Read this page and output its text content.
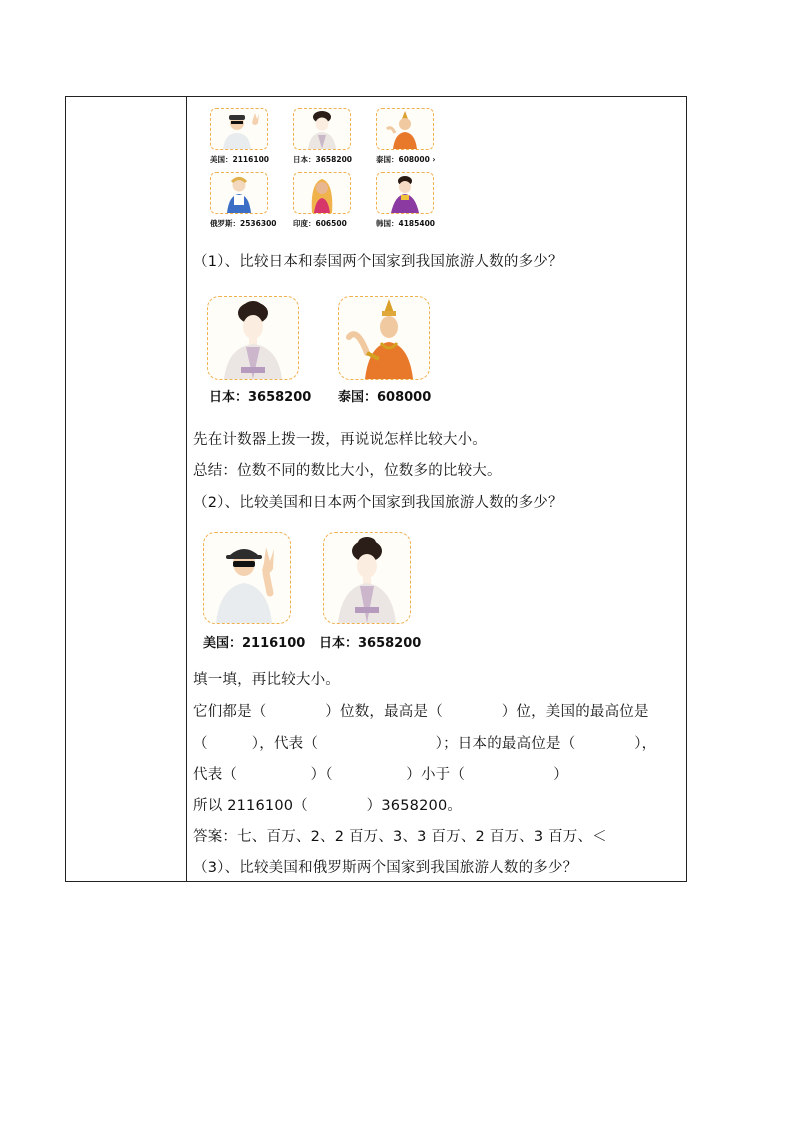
美国：2116100	日本：3658200	泰国：608000 ›
俄罗斯：2536300 印度：606500	韩国：4185400
（1）、比较日本和泰国两个国家到我国旅游人数的多少？
日本：3658200 泰国：608000
先在计数器上拨一拨，再说说怎样比较大小。
总结：位数不同的数比大小，位数多的比较大。
（2）、比较美国和日本两个国家到我国旅游人数的多少？
美国：2116100 日本：3658200
填一填，再比较大小。
它们都是（　　　　）位数，最高是（　　　　）位，美国的最高位是
（　　　），代表（　　　　　　　　）；日本的最高位是（　　　　），
代表（　　　　　）（　　　　　）小于（　　　　　　）
所以 2116100（　　　　）3658200。
答案：七、百万、2、2 百万、3、3 百万、2 百万、3 百万、＜
（3）、比较美国和俄罗斯两个国家到我国旅游人数的多少？
